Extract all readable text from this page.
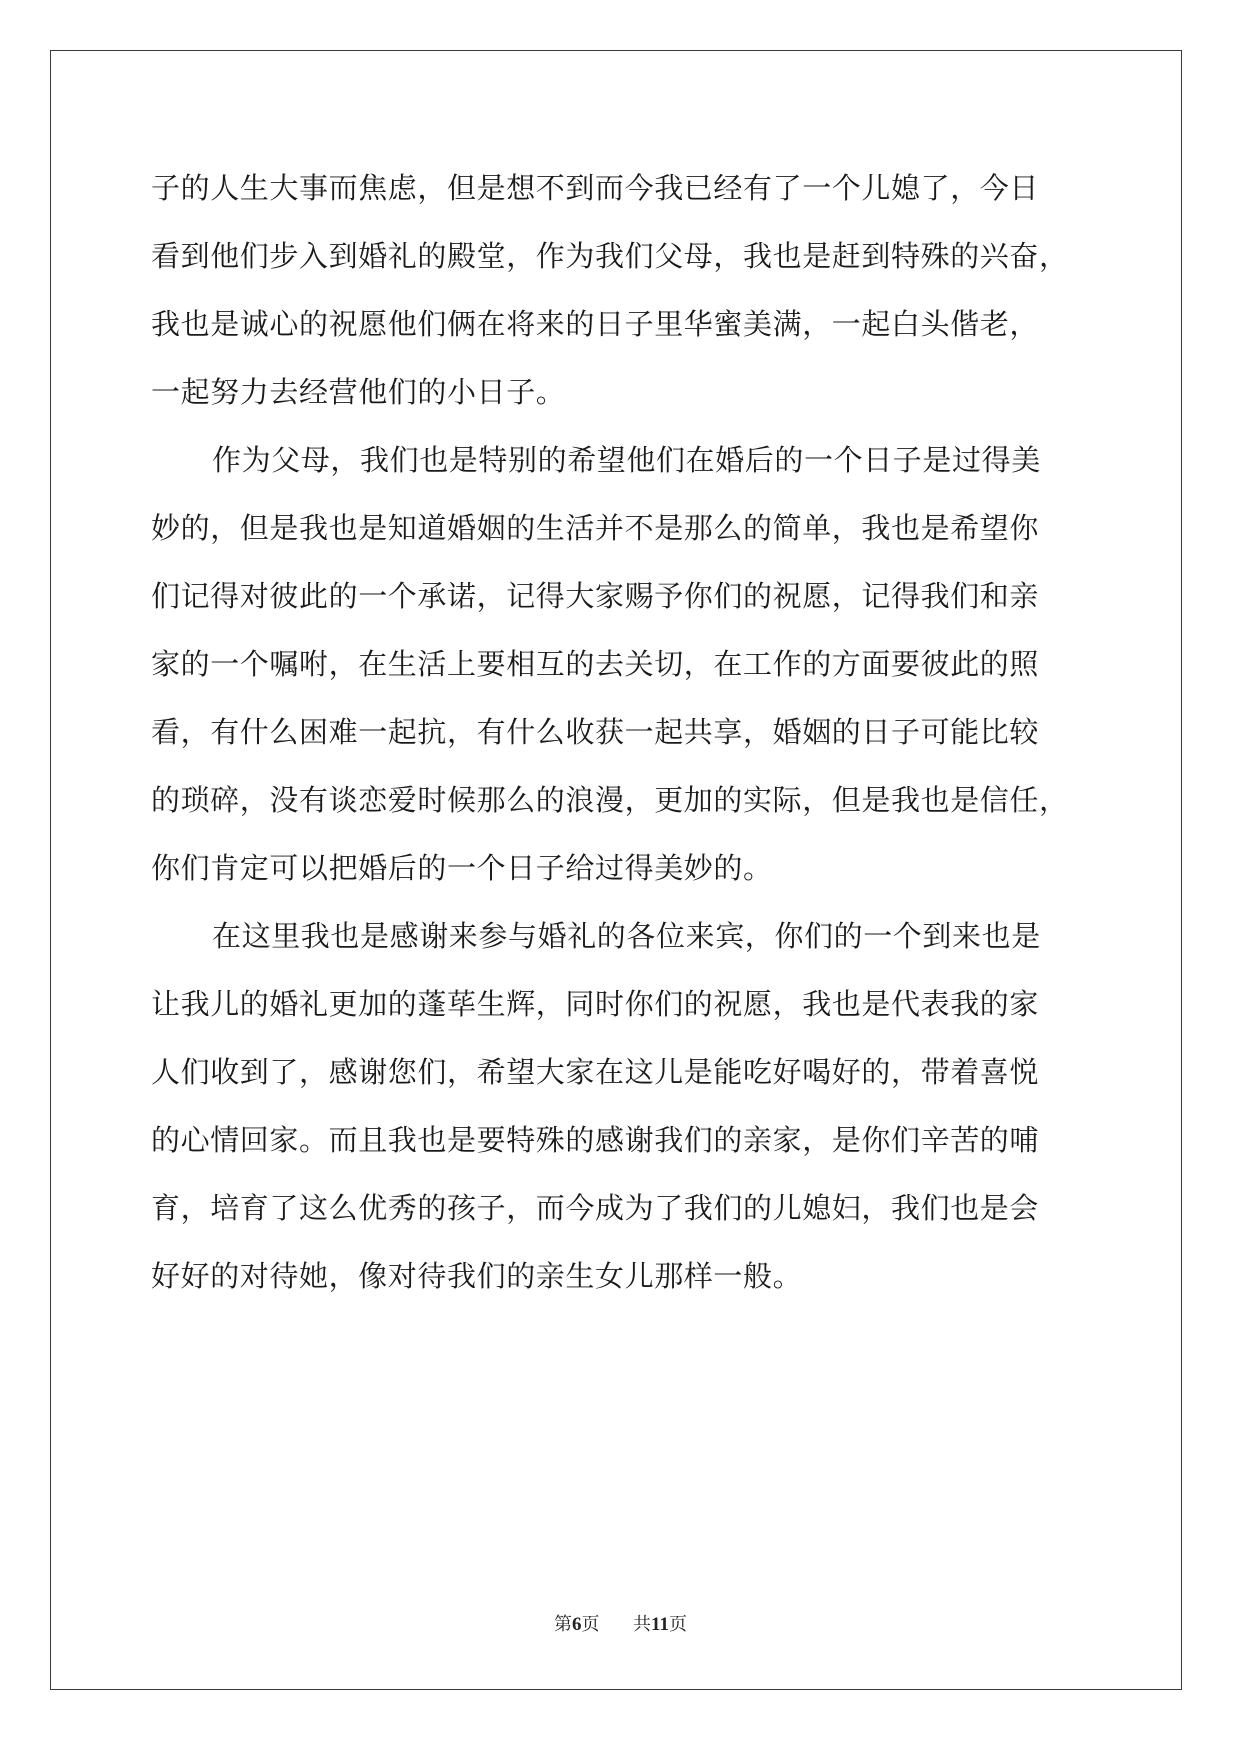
子的人生大事而焦虑，但是想不到而今我已经有了一个儿媳了，今日
看到他们步入到婚礼的殿堂，作为我们父母，我也是赶到特殊的兴奋，
我也是诚心的祝愿他们俩在将来的日子里华蜜美满，一起白头偕老，
一起努力去经营他们的小日子。
作为父母，我们也是特别的希望他们在婚后的一个日子是过得美
妙的，但是我也是知道婚姻的生活并不是那么的简单，我也是希望你
们记得对彼此的一个承诺，记得大家赐予你们的祝愿，记得我们和亲
家的一个嘱咐，在生活上要相互的去关切，在工作的方面要彼此的照
看，有什么困难一起抗，有什么收获一起共享，婚姻的日子可能比较
的琐碎，没有谈恋爱时候那么的浪漫，更加的实际，但是我也是信任，
你们肯定可以把婚后的一个日子给过得美妙的。
在这里我也是感谢来参与婚礼的各位来宾，你们的一个到来也是
让我儿的婚礼更加的蓬荜生辉，同时你们的祝愿，我也是代表我的家
人们收到了，感谢您们，希望大家在这儿是能吃好喝好的，带着喜悦
的心情回家。而且我也是要特殊的感谢我们的亲家，是你们辛苦的哺
育，培育了这么优秀的孩子，而今成为了我们的儿媳妇，我们也是会
好好的对待她，像对待我们的亲生女儿那样一般。
第6页 共11页
